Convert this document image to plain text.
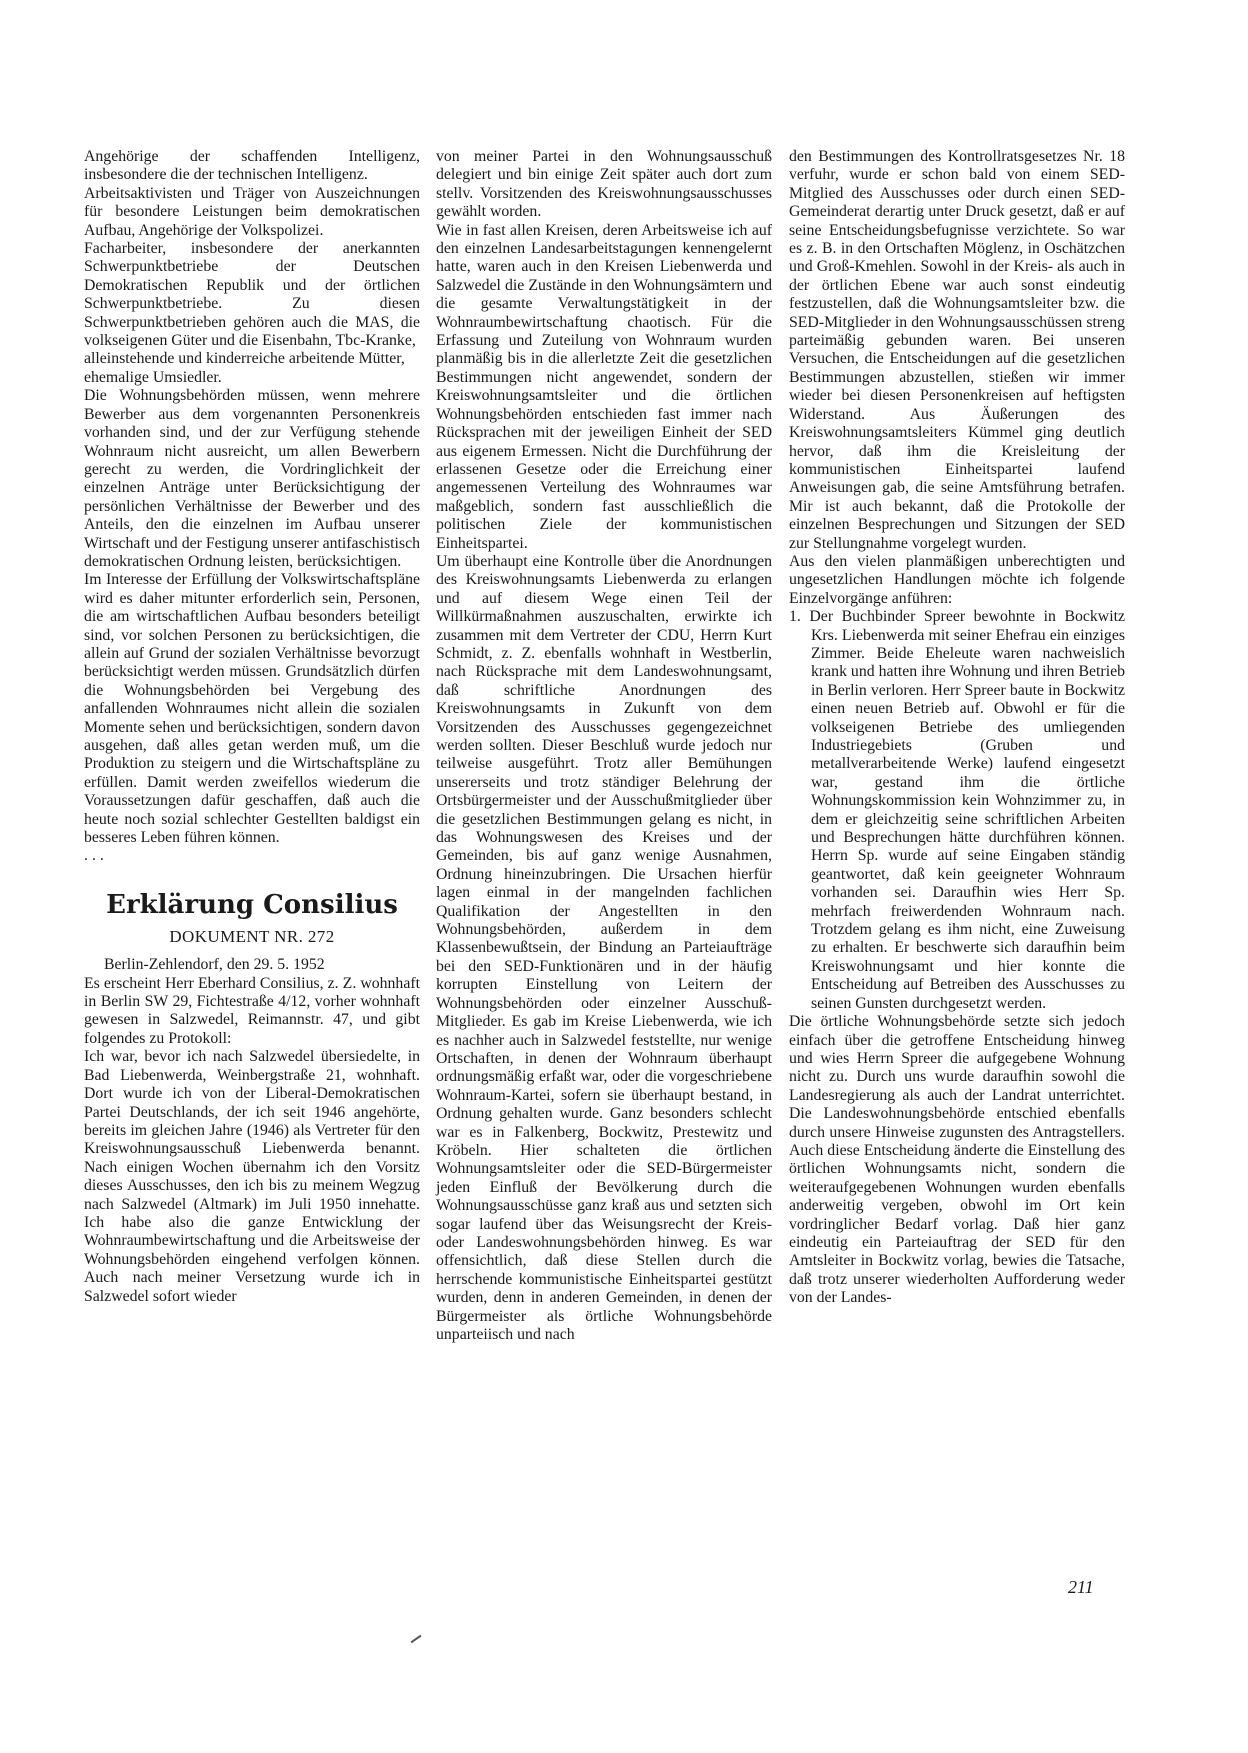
Angehörige der schaffenden Intelligenz, insbesondere die der technischen Intelligenz.

Arbeitsaktivisten und Träger von Auszeichnungen für besondere Leistungen beim demokratischen Aufbau, Angehörige der Volkspolizei.

Facharbeiter, insbesondere der anerkannten Schwerpunktbetriebe der Deutschen Demokratischen Republik und der örtlichen Schwerpunktbetriebe. Zu diesen Schwerpunktbetrieben gehören auch die MAS, die volkseigenen Güter und die Eisenbahn, Tbc-Kranke,

alleinstehende und kinderreiche arbeitende Mütter,

ehemalige Umsiedler.

Die Wohnungsbehörden müssen, wenn mehrere Bewerber aus dem vorgenannten Personenkreis vorhanden sind, und der zur Verfügung stehende Wohnraum nicht ausreicht, um allen Bewerbern gerecht zu werden, die Vordringlichkeit der einzelnen Anträge unter Berücksichtigung der persönlichen Verhältnisse der Bewerber und des Anteils, den die einzelnen im Aufbau unserer Wirtschaft und der Festigung unserer antifaschistisch demokratischen Ordnung leisten, berücksichtigen.

Im Interesse der Erfüllung der Volkswirtschaftspläne wird es daher mitunter erforderlich sein, Personen, die am wirtschaftlichen Aufbau besonders beteiligt sind, vor solchen Personen zu berücksichtigen, die allein auf Grund der sozialen Verhältnisse bevorzugt berücksichtigt werden müssen. Grundsätzlich dürfen die Wohnungsbehörden bei Vergebung des anfallenden Wohnraumes nicht allein die sozialen Momente sehen und berücksichtigen, sondern davon ausgehen, daß alles getan werden muß, um die Produktion zu steigern und die Wirtschaftspläne zu erfüllen. Damit werden zweifellos wiederum die Voraussetzungen dafür geschaffen, daß auch die heute noch sozial schlechter Gestellten baldigst ein besseres Leben führen können.

...

Erklärung Consilius
DOKUMENT NR. 272

Berlin-Zehlendorf, den 29. 5. 1952

Es erscheint Herr Eberhard Consilius, z. Z. wohnhaft in Berlin SW 29, Fichtestraße 4/12, vorher wohnhaft gewesen in Salzwedel, Reimannstr. 47, und gibt folgendes zu Protokoll:

Ich war, bevor ich nach Salzwedel übersiedelte, in Bad Liebenwerda, Weinbergstraße 21, wohnhaft. Dort wurde ich von der Liberal-Demokratischen Partei Deutschlands, der ich seit 1946 angehörte, bereits im gleichen Jahre (1946) als Vertreter für den Kreiswohnungsausschuß Liebenwerda benannt. Nach einigen Wochen übernahm ich den Vorsitz dieses Ausschusses, den ich bis zu meinem Wegzug nach Salzwedel (Altmark) im Juli 1950 innehatte. Ich habe also die ganze Entwicklung der Wohnraumbewirtschaftung und die Arbeitsweise der Wohnungsbehörden eingehend verfolgen können. Auch nach meiner Versetzung wurde ich in Salzwedel sofort wieder

von meiner Partei in den Wohnungsausschuß delegiert und bin einige Zeit später auch dort zum stellv. Vorsitzenden des Kreiswohnungsausschusses gewählt worden.

Wie in fast allen Kreisen, deren Arbeitsweise ich auf den einzelnen Landesarbeitstagungen kennengelernt hatte, waren auch in den Kreisen Liebenwerda und Salzwedel die Zustände in den Wohnungsämtern und die gesamte Verwaltungstätigkeit in der Wohnraumbewirtschaftung chaotisch. Für die Erfassung und Zuteilung von Wohnraum wurden planmäßig bis in die allerletzte Zeit die gesetzlichen Bestimmungen nicht angewendet, sondern der Kreiswohnungsamtsleiter und die örtlichen Wohnungsbehörden entschieden fast immer nach Rücksprachen mit der jeweiligen Einheit der SED aus eigenem Ermessen. Nicht die Durchführung der erlassenen Gesetze oder die Erreichung einer angemessenen Verteilung des Wohnraumes war maßgeblich, sondern fast ausschließlich die politischen Ziele der kommunistischen Einheitspartei.

Um überhaupt eine Kontrolle über die Anordnungen des Kreiswohnungsamts Liebenwerda zu erlangen und auf diesem Wege einen Teil der Willkürmaßnahmen auszuschalten, erwirkte ich zusammen mit dem Vertreter der CDU, Herrn Kurt Schmidt, z. Z. ebenfalls wohnhaft in Westberlin, nach Rücksprache mit dem Landeswohnungsamt, daß schriftliche Anordnungen des Kreiswohnungsamts in Zukunft von dem Vorsitzenden des Ausschusses gegengezeichnet werden sollten. Dieser Beschluß wurde jedoch nur teilweise ausgeführt. Trotz aller Bemühungen unsererseits und trotz ständiger Belehrung der Ortsbürgermeister und der Ausschußmitglieder über die gesetzlichen Bestimmungen gelang es nicht, in das Wohnungswesen des Kreises und der Gemeinden, bis auf ganz wenige Ausnahmen, Ordnung hineinzubringen. Die Ursachen hierfür lagen einmal in der mangelnden fachlichen Qualifikation der Angestellten in den Wohnungsbehörden, außerdem in dem Klassenbewußtsein, der Bindung an Parteiaufträge bei den SED-Funktionären und in der häufig korrupten Einstellung von Leitern der Wohnungsbehörden oder einzelner Ausschuß-Mitglieder. Es gab im Kreise Liebenwerda, wie ich es nachher auch in Salzwedel feststellte, nur wenige Ortschaften, in denen der Wohnraum überhaupt ordnungsmäßig erfaßt war, oder die vorgeschriebene Wohnraum-Kartei, sofern sie überhaupt bestand, in Ordnung gehalten wurde. Ganz besonders schlecht war es in Falkenberg, Bockwitz, Prestewitz und Kröbeln. Hier schalteten die örtlichen Wohnungsamtsleiter oder die SED-Bürgermeister jeden Einfluß der Bevölkerung durch die Wohnungsausschüsse ganz kraß aus und setzten sich sogar laufend über das Weisungsrecht der Kreis- oder Landeswohnungsbehörden hinweg. Es war offensichtlich, daß diese Stellen durch die herrschende kommunistische Einheitspartei gestützt wurden, denn in anderen Gemeinden, in denen der Bürgermeister als örtliche Wohnungsbehörde unparteiisch und nach

den Bestimmungen des Kontrollratsgesetzes Nr. 18 verfuhr, wurde er schon bald von einem SED-Mitglied des Ausschusses oder durch einen SED-Gemeinderat derartig unter Druck gesetzt, daß er auf seine Entscheidungsbefugnisse verzichtete. So war es z. B. in den Ortschaften Möglenz, in Oschätzchen und Groß-Kmehlen. Sowohl in der Kreis- als auch in der örtlichen Ebene war auch sonst eindeutig festzustellen, daß die Wohnungsamtsleiter bzw. die SED-Mitglieder in den Wohnungsausschüssen streng parteimäßig gebunden waren. Bei unseren Versuchen, die Entscheidungen auf die gesetzlichen Bestimmungen abzustellen, stießen wir immer wieder bei diesen Personenkreisen auf heftigsten Widerstand. Aus Äußerungen des Kreiswohnungsamtsleiters Kümmel ging deutlich hervor, daß ihm die Kreisleitung der kommunistischen Einheitspartei laufend Anweisungen gab, die seine Amtsführung betrafen. Mir ist auch bekannt, daß die Protokolle der einzelnen Besprechungen und Sitzungen der SED zur Stellungnahme vorgelegt wurden.

Aus den vielen planmäßigen unberechtigten und ungesetzlichen Handlungen möchte ich folgende Einzelvorgänge anführen:

1. Der Buchbinder Spreer bewohnte in Bockwitz Krs. Liebenwerda mit seiner Ehefrau ein einziges Zimmer. Beide Eheleute waren nachweislich krank und hatten ihre Wohnung und ihren Betrieb in Berlin verloren. Herr Spreer baute in Bockwitz einen neuen Betrieb auf. Obwohl er für die volkseigenen Betriebe des umliegenden Industriegebiets (Gruben und metallverarbeitende Werke) laufend eingesetzt war, gestand ihm die örtliche Wohnungskommission kein Wohnzimmer zu, in dem er gleichzeitig seine schriftlichen Arbeiten und Besprechungen hätte durchführen können. Herrn Sp. wurde auf seine Eingaben ständig geantwortet, daß kein geeigneter Wohnraum vorhanden sei. Daraufhin wies Herr Sp. mehrfach freiwerdenden Wohnraum nach. Trotzdem gelang es ihm nicht, eine Zuweisung zu erhalten. Er beschwerte sich daraufhin beim Kreiswohnungsamt und hier konnte die Entscheidung auf Betreiben des Ausschusses zu seinen Gunsten durchgesetzt werden.

Die örtliche Wohnungsbehörde setzte sich jedoch einfach über die getroffene Entscheidung hinweg und wies Herrn Spreer die aufgegebene Wohnung nicht zu. Durch uns wurde daraufhin sowohl die Landesregierung als auch der Landrat unterrichtet. Die Landeswohnungsbehörde entschied ebenfalls durch unsere Hinweise zugunsten des Antragstellers. Auch diese Entscheidung änderte die Einstellung des örtlichen Wohnungsamts nicht, sondern die weiteraufgegebenen Wohnungen wurden ebenfalls anderweitig vergeben, obwohl im Ort kein vordringlicher Bedarf vorlag. Daß hier ganz eindeutig ein Parteiauftrag der SED für den Amtsleiter in Bockwitz vorlag, bewies die Tatsache, daß trotz unserer wiederholten Aufforderung weder von der Landes-

211
